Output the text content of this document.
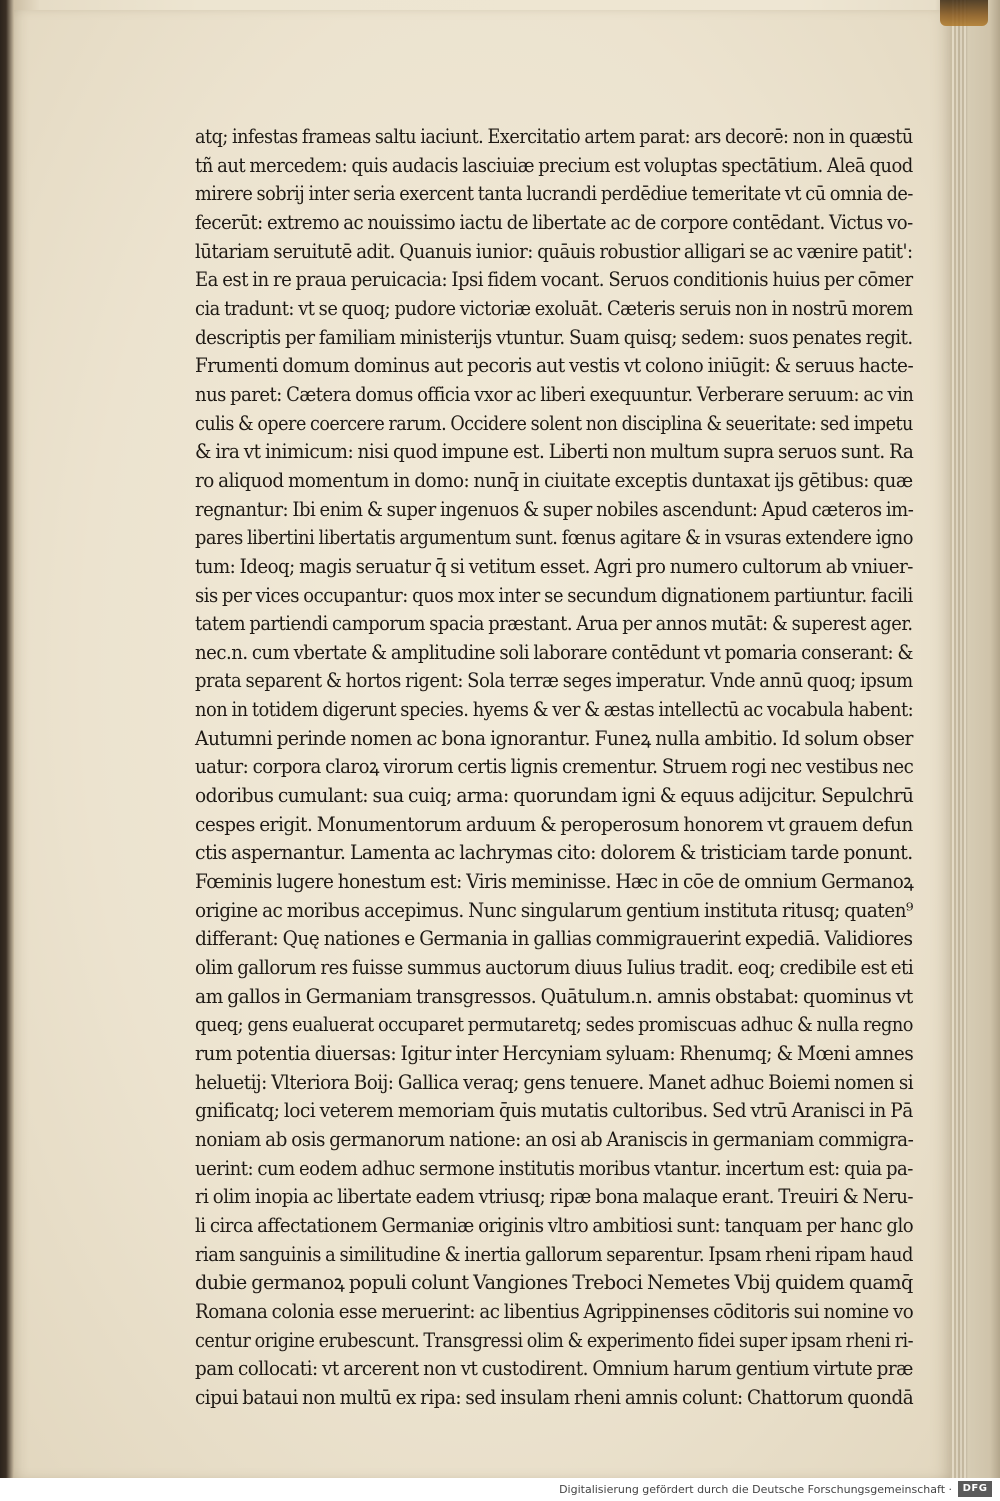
atq; infestas frameas saltu iaciunt. Exercitatio artem parat: ars decorē: non in quæstū
tñ aut mercedem: quis audacis lasciuiæ precium est voluptas spectātium. Aleā quod
mirere sobrij inter seria exercent tanta lucrandi perdēdiue temeritate vt cū omnia de-
fecerūt: extremo ac nouissimo iactu de libertate ac de corpore contēdant. Victus vo-
lūtariam seruitutē adit. Quanuis iunior: quāuis robustior alligari se ac vænire patit':
Ea est in re praua peruicacia: Ipsi fidem vocant. Seruos conditionis huius per cōmer
cia tradunt: vt se quoq; pudore victoriæ exoluāt. Cæteris seruis non in nostrū morem
descriptis per familiam ministerijs vtuntur. Suam quisq; sedem: suos penates regit.
Frumenti domum dominus aut pecoris aut vestis vt colono iniūgit: & seruus hacte-
nus paret: Cætera domus officia vxor ac liberi exequuntur. Verberare seruum: ac vin
culis & opere coercere rarum. Occidere solent non disciplina & seueritate: sed impetu
& ira vt inimicum: nisi quod impune est. Liberti non multum supra seruos sunt. Ra
ro aliquod momentum in domo: nunq̄ in ciuitate exceptis duntaxat ijs gētibus: quæ
regnantur: Ibi enim & super ingenuos & super nobiles ascendunt: Apud cæteros im-
pares libertini libertatis argumentum sunt. fœnus agitare & in vsuras extendere igno
tum: Ideoq; magis seruatur q̄ si vetitum esset. Agri pro numero cultorum ab vniuer-
sis per vices occupantur: quos mox inter se secundum dignationem partiuntur. facili
tatem partiendi camporum spacia præstant. Arua per annos mutāt: & superest ager.
nec.n. cum vbertate & amplitudine soli laborare contēdunt vt pomaria conserant: &
prata separent & hortos rigent: Sola terræ seges imperatur. Vnde annū quoq; ipsum
non in totidem digerunt species. hyems & ver & æstas intellectū ac vocabula habent:
Autumni perinde nomen ac bona ignorantur. Funeꝝ nulla ambitio. Id solum obser
uatur: corpora claroꝝ virorum certis lignis crementur. Struem rogi nec vestibus nec
odoribus cumulant: sua cuiq; arma: quorundam igni & equus adijcitur. Sepulchrū
cespes erigit. Monumentorum arduum & peroperosum honorem vt grauem defun
ctis aspernantur. Lamenta ac lachrymas cito: dolorem & tristiciam tarde ponunt.
Fœminis lugere honestum est: Viris meminisse. Hæc in cōe de omnium Germanoꝝ
origine ac moribus accepimus. Nunc singularum gentium instituta ritusq; quaten⁹
differant: Quę nationes e Germania in gallias commigrauerint expediā. Validiores
olim gallorum res fuisse summus auctorum diuus Iulius tradit. eoq; credibile est eti
am gallos in Germaniam transgressos. Quātulum.n. amnis obstabat: quominus vt
queq; gens eualuerat occuparet permutaretq; sedes promiscuas adhuc & nulla regno
rum potentia diuersas: Igitur inter Hercyniam syluam: Rhenumq; & Mœni amnes
heluetij: Vlteriora Boij: Gallica veraq; gens tenuere. Manet adhuc Boiemi nomen si
gnificatq; loci veterem memoriam q̄uis mutatis cultoribus. Sed vtrū Aranisci in Pā
noniam ab osis germanorum natione: an osi ab Araniscis in germaniam commigra-
uerint: cum eodem adhuc sermone institutis moribus vtantur. incertum est: quia pa-
ri olim inopia ac libertate eadem vtriusq; ripæ bona malaque erant. Treuiri & Neru-
li circa affectationem Germaniæ originis vltro ambitiosi sunt: tanquam per hanc glo
riam sanguinis a similitudine & inertia gallorum separentur. Ipsam rheni ripam haud
dubie germanoꝝ populi colunt Vangiones Treboci Nemetes Vbij quidem quamq̄
Romana colonia esse meruerint: ac libentius Agrippinenses cōditoris sui nomine vo
centur origine erubescunt. Transgressi olim & experimento fidei super ipsam rheni ri-
pam collocati: vt arcerent non vt custodirent. Omnium harum gentium virtute præ
cipui bataui non multū ex ripa: sed insulam rheni amnis colunt: Chattorum quondā
Digitalisierung gefördert durch die Deutsche Forschungsgemeinschaft ·	DFG
